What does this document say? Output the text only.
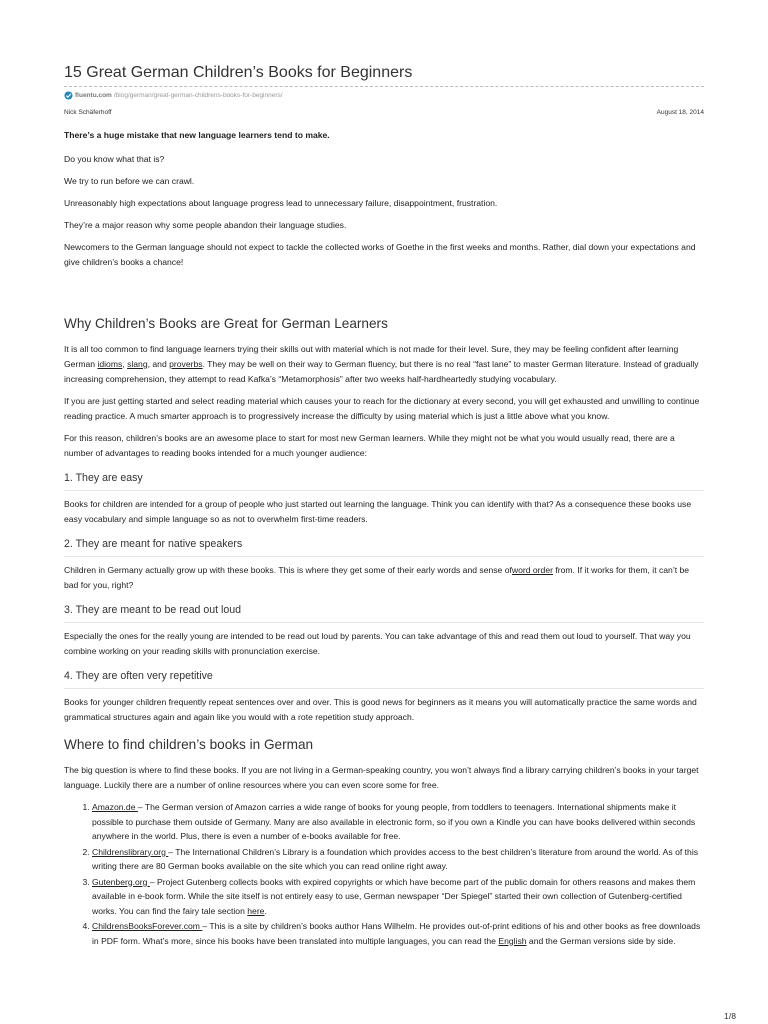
15 Great German Children’s Books for Beginners
fluentu.com /blog/german/great-german-childrens-books-for-beginners/
Nick Schäferhoff	August 18, 2014

There’s a huge mistake that new language learners tend to make.

Do you know what that is?

We try to run before we can crawl.

Unreasonably high expectations about language progress lead to unnecessary failure, disappointment, frustration.

They’re a major reason why some people abandon their language studies.

Newcomers to the German language should not expect to tackle the collected works of Goethe in the first weeks and months. Rather, dial down your expectations and give children’s books a chance!

Why Children’s Books are Great for German Learners

It is all too common to find language learners trying their skills out with material which is not made for their level. Sure, they may be feeling confident after learning German idioms, slang, and proverbs. They may be well on their way to German fluency, but there is no real “fast lane” to master German literature. Instead of gradually increasing comprehension, they attempt to read Kafka’s “Metamorphosis” after two weeks half-hardheartedly studying vocabulary.

If you are just getting started and select reading material which causes your to reach for the dictionary at every second, you will get exhausted and unwilling to continue reading practice. A much smarter approach is to progressively increase the difficulty by using material which is just a little above what you know.

For this reason, children’s books are an awesome place to start for most new German learners. While they might not be what you would usually read, there are a number of advantages to reading books intended for a much younger audience:

1. They are easy

Books for children are intended for a group of people who just started out learning the language. Think you can identify with that? As a consequence these books use easy vocabulary and simple language so as not to overwhelm first-time readers.

2. They are meant for native speakers

Children in Germany actually grow up with these books. This is where they get some of their early words and sense ofword order from. If it works for them, it can’t be bad for you, right?

3. They are meant to be read out loud

Especially the ones for the really young are intended to be read out loud by parents. You can take advantage of this and read them out loud to yourself. That way you combine working on your reading skills with pronunciation exercise.

4. They are often very repetitive

Books for younger children frequently repeat sentences over and over. This is good news for beginners as it means you will automatically practice the same words and grammatical structures again and again like you would with a rote repetition study approach.

Where to find children’s books in German

The big question is where to find these books. If you are not living in a German-speaking country, you won’t always find a library carrying children’s books in your target language. Luckily there are a number of online resources where you can even score some for free.

1. Amazon.de – The German version of Amazon carries a wide range of books for young people, from toddlers to teenagers. International shipments make it possible to purchase them outside of Germany. Many are also available in electronic form, so if you own a Kindle you can have books delivered within seconds anywhere in the world. Plus, there is even a number of e-books available for free.
2. Childrenslibrary.org – The International Children’s Library is a foundation which provides access to the best children’s literature from around the world. As of this writing there are 80 German books available on the site which you can read online right away.
3. Gutenberg.org – Project Gutenberg collects books with expired copyrights or which have become part of the public domain for others reasons and makes them available in e-book form. While the site itself is not entirely easy to use, German newspaper “Der Spiegel” started their own collection of Gutenberg-certified works. You can find the fairy tale section here.
4. ChildrensBooksForever.com – This is a site by children’s books author Hans Wilhelm. He provides out-of-print editions of his and other books as free downloads in PDF form. What’s more, since his books have been translated into multiple languages, you can read the English and the German versions side by side.
1/8
